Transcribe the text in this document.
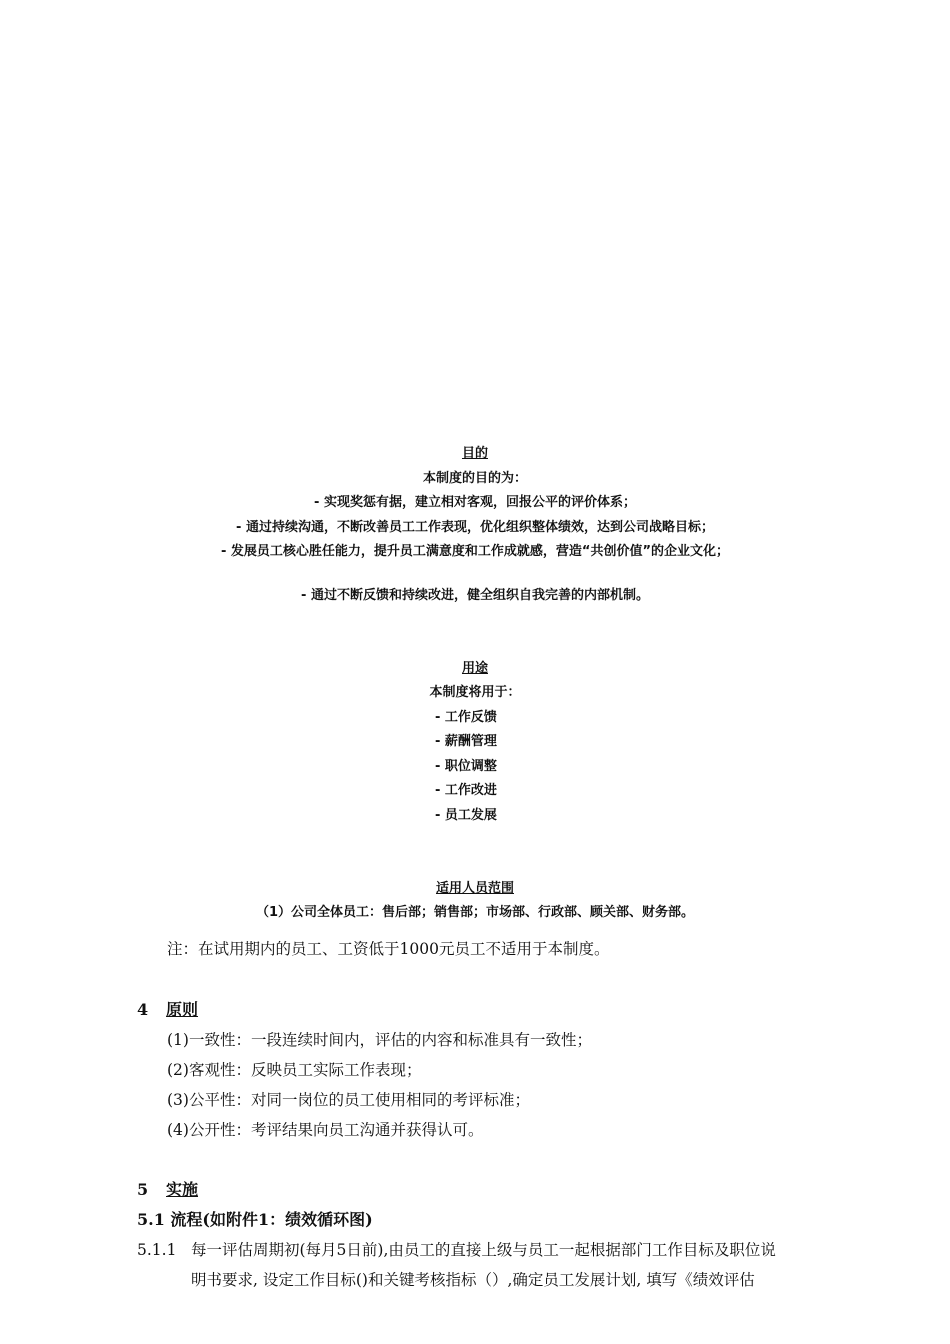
目的
本制度的目的为：
- 实现奖惩有据，建立相对客观，回报公平的评价体系；
- 通过持续沟通，不断改善员工工作表现，优化组织整体绩效，达到公司战略目标；
- 发展员工核心胜任能力，提升员工满意度和工作成就感，营造“共创价值”的企业文化；
- 通过不断反馈和持续改进，健全组织自我完善的内部机制。
用途
本制度将用于：
- 工作反馈
- 薪酬管理
- 职位调整
- 工作改进
- 员工发展
适用人员范围
（1）公司全体员工：售后部；销售部；市场部、行政部、顾关部、财务部。
注：在试用期内的员工、工资低于1000元员工不适用于本制度。
4 原则
(1)一致性：一段连续时间内，评估的内容和标准具有一致性；
(2)客观性：反映员工实际工作表现；
(3)公平性：对同一岗位的员工使用相同的考评标准；
(4)公开性：考评结果向员工沟通并获得认可。
5 实施
5.1 流程(如附件1：绩效循环图)
5.1.1 每一评估周期初(每月5日前),由员工的直接上级与员工一起根据部门工作目标及职位说
明书要求, 设定工作目标()和关键考核指标（）,确定员工发展计划, 填写《绩效评估
